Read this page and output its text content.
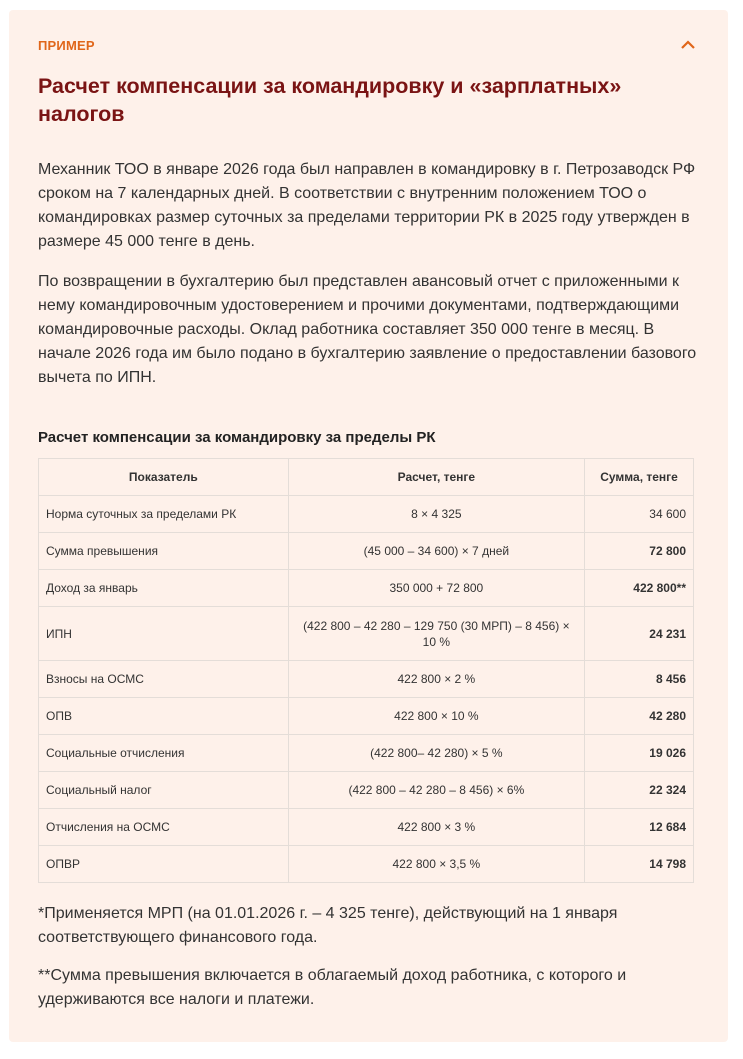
ПРИМЕР
Расчет компенсации за командировку и «зарплатных» налогов

Механник ТОО в январе 2026 года был направлен в командировку в г. Петрозаводск РФ сроком на 7 календарных дней. В соответствии с внутренним положением ТОО о командировках размер суточных за пределами территории РК в 2025 году утвержден в размере 45 000 тенге в день.

По возвращении в бухгалтерию был представлен авансовый отчет с приложенными к нему командировочным удостоверением и прочими документами, подтверждающими командировочные расходы. Оклад работника составляет 350 000 тенге в месяц. В начале 2026 года им было подано в бухгалтерию заявление о предоставлении базового вычета по ИПН.

Расчет компенсации за командировку за пределы РК
Показатель	Расчет, тенге	Сумма, тенге
Норма суточных за пределами РК	8 × 4 325	34 600
Сумма превышения	(45 000 – 34 600) × 7 дней	72 800
Доход за январь	350 000 + 72 800	422 800**
ИПН	(422 800 – 42 280 – 129 750 (30 МРП) – 8 456) × 10 %	24 231
Взносы на ОСМС	422 800 × 2 %	8 456
ОПВ	422 800 × 10 %	42 280
Социальные отчисления	(422 800– 42 280) × 5 %	19 026
Социальный налог	(422 800 – 42 280 – 8 456) × 6%	22 324
Отчисления на ОСМС	422 800 × 3 %	12 684
ОПВР	422 800 × 3,5 %	14 798

*Применяется МРП (на 01.01.2026 г. – 4 325 тенге), действующий на 1 января соответствующего финансового года.

**Сумма превышения включается в облагаемый доход работника, с которого и удерживаются все налоги и платежи.
